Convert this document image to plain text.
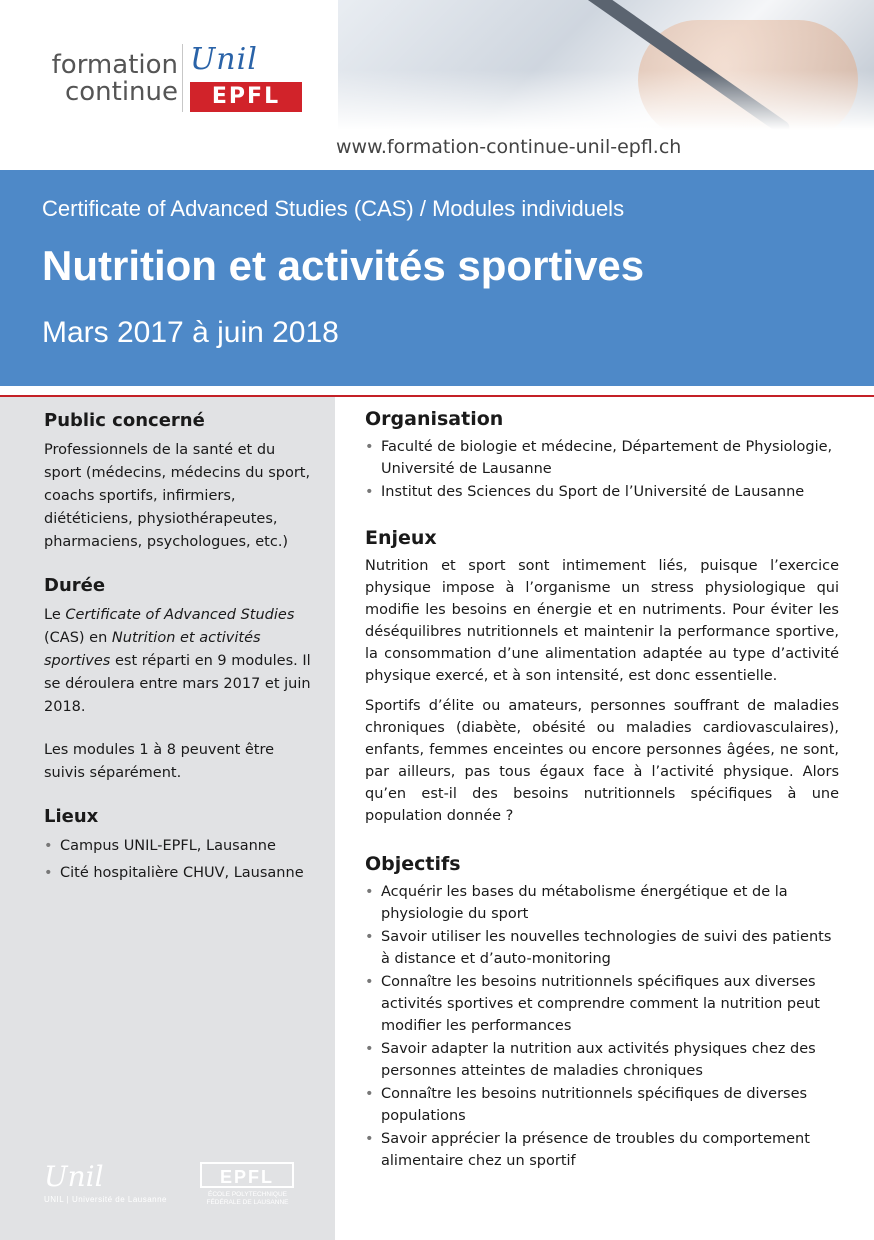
formation
continue
Unil
EPFL
www.formation-continue-unil-epfl.ch
Certificate of Advanced Studies (CAS) / Modules individuels
Nutrition et activités sportives
Mars 2017 à juin 2018
Public concerné

Professionnels de la santé et du sport (médecins, médecins du sport, coachs sportifs, infirmiers, diététiciens, physiothérapeutes, pharmaciens, psychologues, etc.)

Durée

Le Certificate of Advanced Studies (CAS) en Nutrition et activités sportives est réparti en 9 modules. Il se déroulera entre mars 2017 et juin 2018.

Les modules 1 à 8 peuvent être suivis séparément.

Lieux
• Campus UNIL-EPFL, Lausanne
• Cité hospitalière CHUV, Lausanne
Unil
UNIL | Université de Lausanne
EPFL
ÉCOLE POLYTECHNIQUE
FÉDÉRALE DE LAUSANNE
Organisation
• Faculté de biologie et médecine, Département de Physiologie, Université de Lausanne
• Institut des Sciences du Sport de l’Université de Lausanne
Enjeux

Nutrition et sport sont intimement liés, puisque l’exercice physique impose à l’organisme un stress physiologique qui modifie les besoins en énergie et en nutriments. Pour éviter les déséquilibres nutritionnels et maintenir la performance sportive, la consommation d’une alimentation adaptée au type d’activité physique exercé, et à son intensité, est donc essentielle.

Sportifs d’élite ou amateurs, personnes souffrant de maladies chroniques (diabète, obésité ou maladies cardiovasculaires), enfants, femmes enceintes ou encore personnes âgées, ne sont, par ailleurs, pas tous égaux face à l’activité physique. Alors qu’en est-il des besoins nutritionnels spécifiques à une population donnée ?

Objectifs
• Acquérir les bases du métabolisme énergétique et de la physiologie du sport
• Savoir utiliser les nouvelles technologies de suivi des patients à distance et d’auto-monitoring
• Connaître les besoins nutritionnels spécifiques aux diverses activités sportives et comprendre comment la nutrition peut modifier les performances
• Savoir adapter la nutrition aux activités physiques chez des personnes atteintes de maladies chroniques
• Connaître les besoins nutritionnels spécifiques de diverses populations
• Savoir apprécier la présence de troubles du comportement alimentaire chez un sportif
